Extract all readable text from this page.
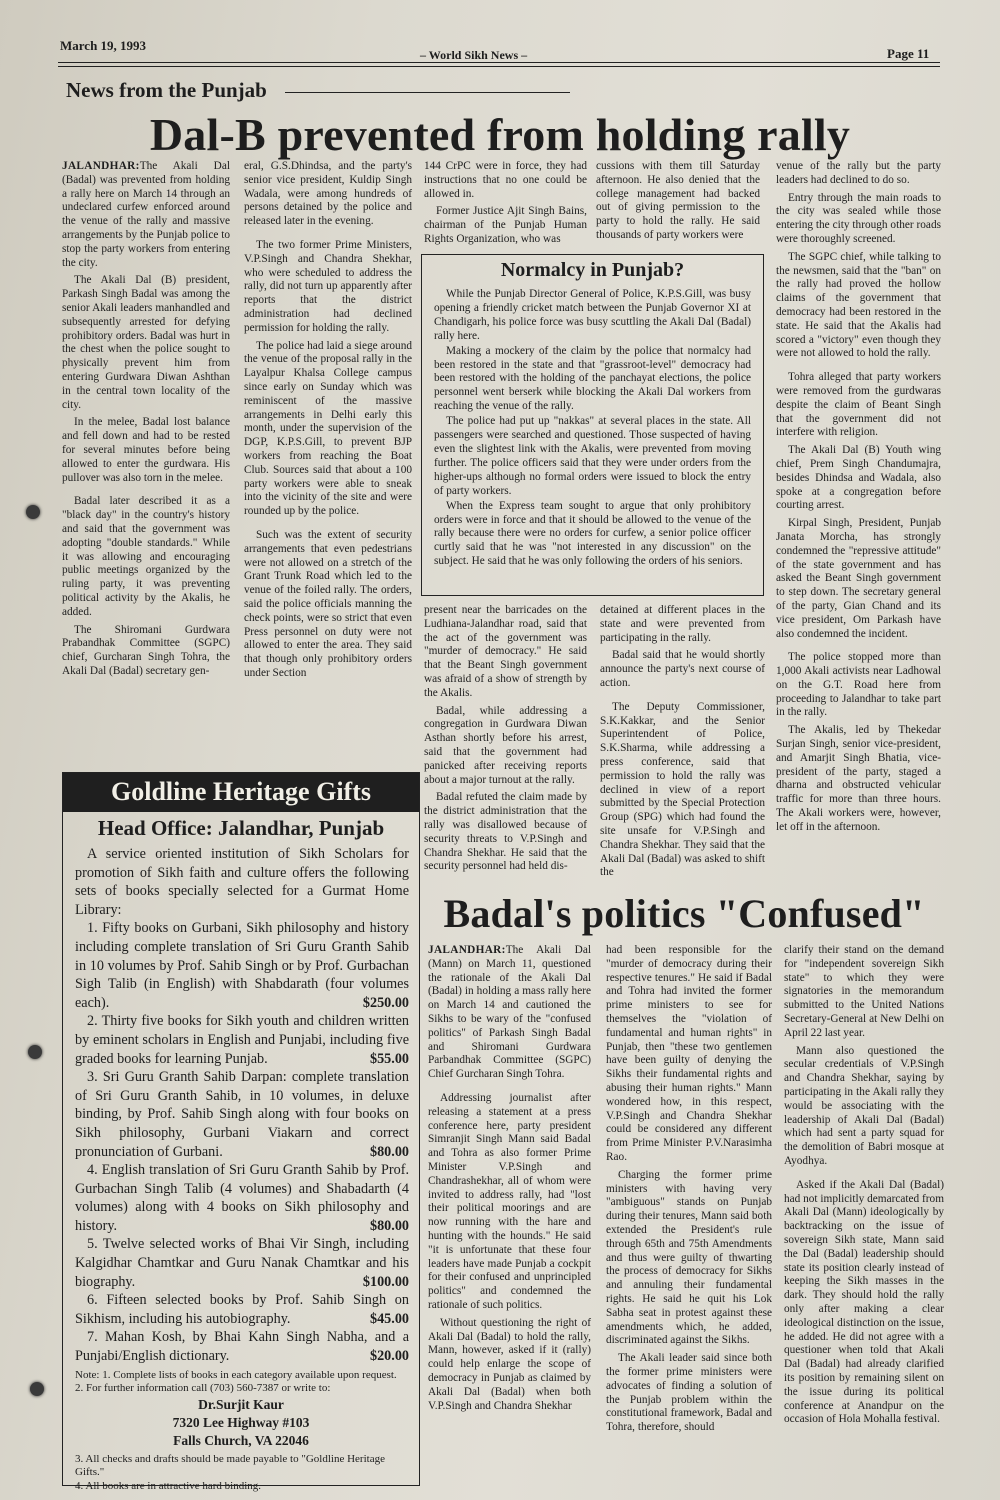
March 19, 1993
– World Sikh News –	Page 11
News from the Punjab
Dal-B prevented from holding rally

JALANDHAR:The Akali Dal (Badal) was prevented from holding a rally here on March 14 through an undeclared curfew enforced around the venue of the rally and massive arrangements by the Punjab police to stop the party workers from entering the city.

The Akali Dal (B) president, Parkash Singh Badal was among the senior Akali leaders manhandled and subsequently arrested for defying prohibitory orders. Badal was hurt in the chest when the police sought to physically prevent him from entering Gurdwara Diwan Ashthan in the central town locality of the city.

In the melee, Badal lost balance and fell down and had to be rested for several minutes before being allowed to enter the gurdwara. His pullover was also torn in the melee.

Badal later described it as a "black day" in the country's history and said that the government was adopting "double standards." While it was allowing and encouraging public meetings organized by the ruling party, it was preventing political activity by the Akalis, he added.

The Shiromani Gurdwara Prabandhak Committee (SGPC) chief, Gurcharan Singh Tohra, the Akali Dal (Badal) secretary gen-

eral, G.S.Dhindsa, and the party's senior vice president, Kuldip Singh Wadala, were among hundreds of persons detained by the police and released later in the evening.

The two former Prime Ministers, V.P.Singh and Chandra Shekhar, who were scheduled to address the rally, did not turn up apparently after reports that the district administration had declined permission for holding the rally.

The police had laid a siege around the venue of the proposal rally in the Layalpur Khalsa College campus since early on Sunday which was reminiscent of the massive arrangements in Delhi early this month, under the supervision of the DGP, K.P.S.Gill, to prevent BJP workers from reaching the Boat Club. Sources said that about a 100 party workers were able to sneak into the vicinity of the site and were rounded up by the police.

Such was the extent of security arrangements that even pedestrians were not allowed on a stretch of the Grant Trunk Road which led to the venue of the foiled rally. The orders, said the police officials manning the check points, were so strict that even Press personnel on duty were not allowed to enter the area. They said that though only prohibitory orders under Section

144 CrPC were in force, they had instructions that no one could be allowed in.

Former Justice Ajit Singh Bains, chairman of the Punjab Human Rights Organization, who was

cussions with them till Saturday afternoon. He also denied that the college management had backed out of giving permission to the party to hold the rally. He said thousands of party workers were

Normalcy in Punjab?

While the Punjab Director General of Police, K.P.S.Gill, was busy opening a friendly cricket match between the Punjab Governor XI at Chandigarh, his police force was busy scuttling the Akali Dal (Badal) rally here.

Making a mockery of the claim by the police that normalcy had been restored in the state and that "grassroot-level" democracy had been restored with the holding of the panchayat elections, the police personnel went berserk while blocking the Akali Dal workers from reaching the venue of the rally.

The police had put up "nakkas" at several places in the state. All passengers were searched and questioned. Those suspected of having even the slightest link with the Akalis, were prevented from moving further. The police officers said that they were under orders from the higher-ups although no formal orders were issued to block the entry of party workers.

When the Express team sought to argue that only prohibitory orders were in force and that it should be allowed to the venue of the rally because there were no orders for curfew, a senior police officer curtly said that he was "not interested in any discussion" on the subject. He said that he was only following the orders of his seniors.

present near the barricades on the Ludhiana-Jalandhar road, said that the act of the government was "murder of democracy." He said that the Beant Singh government was afraid of a show of strength by the Akalis.

Badal, while addressing a congregation in Gurdwara Diwan Asthan shortly before his arrest, said that the government had panicked after receiving reports about a major turnout at the rally.

Badal refuted the claim made by the district administration that the rally was disallowed because of security threats to V.P.Singh and Chandra Shekhar. He said that the security personnel had held dis-

detained at different places in the state and were prevented from participating in the rally.

Badal said that he would shortly announce the party's next course of action.

The Deputy Commissioner, S.K.Kakkar, and the Senior Superintendent of Police, S.K.Sharma, while addressing a press conference, said that permission to hold the rally was declined in view of a report submitted by the Special Protection Group (SPG) which had found the site unsafe for V.P.Singh and Chandra Shekhar. They said that the Akali Dal (Badal) was asked to shift the

venue of the rally but the party leaders had declined to do so.

Entry through the main roads to the city was sealed while those entering the city through other roads were thoroughly screened.

The SGPC chief, while talking to the newsmen, said that the "ban" on the rally had proved the hollow claims of the government that democracy had been restored in the state. He said that the Akalis had scored a "victory" even though they were not allowed to hold the rally.

Tohra alleged that party workers were removed from the gurdwaras despite the claim of Beant Singh that the government did not interfere with religion.

The Akali Dal (B) Youth wing chief, Prem Singh Chandumajra, besides Dhindsa and Wadala, also spoke at a congregation before courting arrest.

Kirpal Singh, President, Punjab Janata Morcha, has strongly condemned the "repressive attitude" of the state government and has asked the Beant Singh government to step down. The secretary general of the party, Gian Chand and its vice president, Om Parkash have also condemned the incident.

The police stopped more than 1,000 Akali activists near Ladhowal on the G.T. Road here from proceeding to Jalandhar to take part in the rally.

The Akalis, led by Thekedar Surjan Singh, senior vice-president, and Amarjit Singh Bhatia, vice-president of the party, staged a dharna and obstructed vehicular traffic for more than three hours. The Akali workers were, however, let off in the afternoon.

Goldline Heritage Gifts
Head Office: Jalandhar, Punjab

A service oriented institution of Sikh Scholars for promotion of Sikh faith and culture offers the following sets of books specially selected for a Gurmat Home Library:

1. Fifty books on Gurbani, Sikh philosophy and history including complete translation of Sri Guru Granth Sahib in 10 volumes by Prof. Sahib Singh or by Prof. Gurbachan Sigh Talib (in English) with Shabdarath (four volumes each).	$250.00

2. Thirty five books for Sikh youth and children written by eminent scholars in English and Punjabi, including five graded books for learning Punjab.	$55.00

3. Sri Guru Granth Sahib Darpan: complete translation of Sri Guru Granth Sahib, in 10 volumes, in deluxe binding, by Prof. Sahib Singh along with four books on Sikh philosophy, Gurbani Viakarn and correct pronunciation of Gurbani.	$80.00

4. English translation of Sri Guru Granth Sahib by Prof. Gurbachan Singh Talib (4 volumes) and Shabadarth (4 volumes) along with 4 books on Sikh philosophy and history.	$80.00

5. Twelve selected works of Bhai Vir Singh, including Kalgidhar Chamtkar and Guru Nanak Chamtkar and his biography.	$100.00

6. Fifteen selected books by Prof. Sahib Singh on Sikhism, including his autobiography.	$45.00

7. Mahan Kosh, by Bhai Kahn Singh Nabha, and a Punjabi/English dictionary.	$20.00

Note: 1. Complete lists of books in each category available upon request.
2. For further information call (703) 560-7387 or write to:
Dr.Surjit Kaur
7320 Lee Highway #103
Falls Church, VA 22046
3. All checks and drafts should be made payable to "Goldline Heritage Gifts."
4. All books are in attractive hard binding.
Badal's politics "Confused"

JALANDHAR:The Akali Dal (Mann) on March 11, questioned the rationale of the Akali Dal (Badal) in holding a mass rally here on March 14 and cautioned the Sikhs to be wary of the "confused politics" of Parkash Singh Badal and Shiromani Gurdwara Parbandhak Committee (SGPC) Chief Gurcharan Singh Tohra.

Addressing journalist after releasing a statement at a press conference here, party president Simranjit Singh Mann said Badal and Tohra as also former Prime Minister V.P.Singh and Chandrashekhar, all of whom were invited to address rally, had "lost their political moorings and are now running with the hare and hunting with the hounds." He said "it is unfortunate that these four leaders have made Punjab a cockpit for their confused and unprincipled politics" and condemned the rationale of such politics.

Without questioning the right of Akali Dal (Badal) to hold the rally, Mann, however, asked if it (rally) could help enlarge the scope of democracy in Punjab as claimed by Akali Dal (Badal) when both V.P.Singh and Chandra Shekhar

had been responsible for the "murder of democracy during their respective tenures." He said if Badal and Tohra had invited the former prime ministers to see for themselves the "violation of fundamental and human rights" in Punjab, then "these two gentlemen have been guilty of denying the Sikhs their fundamental rights and abusing their human rights." Mann wondered how, in this respect, V.P.Singh and Chandra Shekhar could be considered any different from Prime Minister P.V.Narasimha Rao.

Charging the former prime ministers with having very "ambiguous" stands on Punjab during their tenures, Mann said both extended the President's rule through 65th and 75th Amendments and thus were guilty of thwarting the process of democracy for Sikhs and annuling their fundamental rights. He said he quit his Lok Sabha seat in protest against these amendments which, he added, discriminated against the Sikhs.

The Akali leader said since both the former prime ministers were advocates of finding a solution of the Punjab problem within the constitutional framework, Badal and Tohra, therefore, should

clarify their stand on the demand for "independent sovereign Sikh state" to which they were signatories in the memorandum submitted to the United Nations Secretary-General at New Delhi on April 22 last year.

Mann also questioned the secular credentials of V.P.Singh and Chandra Shekhar, saying by participating in the Akali rally they would be associating with the leadership of Akali Dal (Badal) which had sent a party squad for the demolition of Babri mosque at Ayodhya.

Asked if the Akali Dal (Badal) had not implicitly demarcated from Akali Dal (Mann) ideologically by backtracking on the issue of sovereign Sikh state, Mann said the Dal (Badal) leadership should state its position clearly instead of keeping the Sikh masses in the dark. They should hold the rally only after making a clear ideological distinction on the issue, he added. He did not agree with a questioner when told that Akali Dal (Badal) had already clarified its position by remaining silent on the issue during its political conference at Anandpur on the occasion of Hola Mohalla festival.
